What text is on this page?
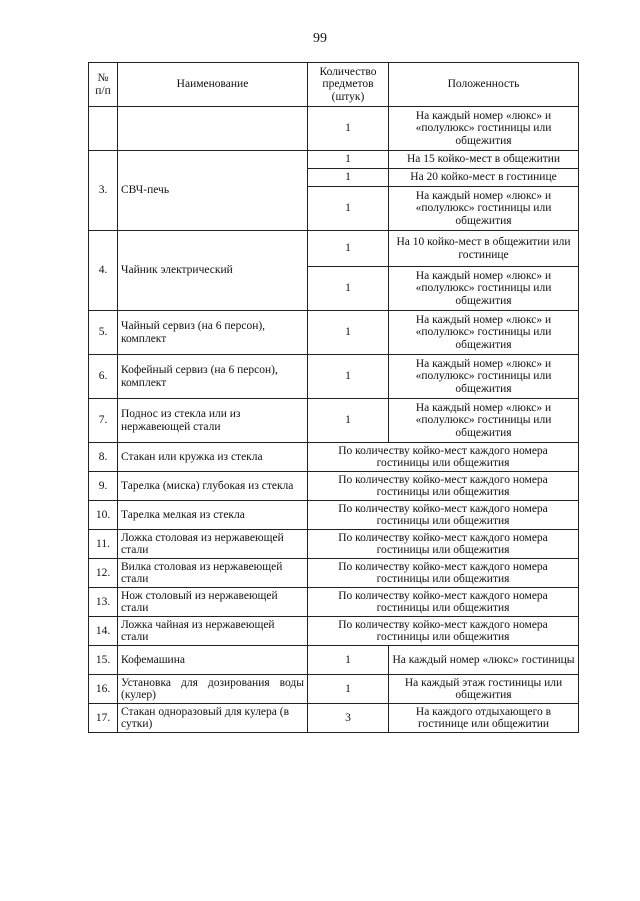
99
№
п/п	Наименование	Количество предметов (штук)	Положенность
		1	На каждый номер «люкс» и «полулюкс» гостиницы или общежития
3.	СВЧ-печь	1	На 15 койко-мест в общежитии
		1	На 20 койко-мест в гостинице
		1	На каждый номер «люкс» и «полулюкс» гостиницы или общежития
4.	Чайник электрический	1	На 10 койко-мест в общежитии или гостинице
		1	На каждый номер «люкс» и «полулюкс» гостиницы или общежития
5.	Чайный сервиз (на 6 персон), комплект	1	На каждый номер «люкс» и «полулюкс» гостиницы или общежития
6.	Кофейный сервиз (на 6 персон), комплект	1	На каждый номер «люкс» и «полулюкс» гостиницы или общежития
7.	Поднос из стекла или из нержавеющей стали	1	На каждый номер «люкс» и «полулюкс» гостиницы или общежития
8.	Стакан или кружка из стекла	По количеству койко-мест каждого номера гостиницы или общежития	
9.	Тарелка (миска) глубокая из стекла	По количеству койко-мест каждого номера гостиницы или общежития	
10.	Тарелка мелкая из стекла	По количеству койко-мест каждого номера гостиницы или общежития	
11.	Ложка столовая из нержавеющей стали	По количеству койко-мест каждого номера гостиницы или общежития	
12.	Вилка столовая из нержавеющей стали	По количеству койко-мест каждого номера гостиницы или общежития	
13.	Нож столовый из нержавеющей стали	По количеству койко-мест каждого номера гостиницы или общежития	
14.	Ложка чайная из нержавеющей стали	По количеству койко-мест каждого номера гостиницы или общежития	
15.	Кофемашина	1	На каждый номер «люкс» гостиницы
16.	Установка для дозирования воды (кулер)	1	На каждый этаж гостиницы или общежития
17.	Стакан одноразовый для кулера (в сутки)	3	На каждого отдыхающего в гостинице или общежитии
